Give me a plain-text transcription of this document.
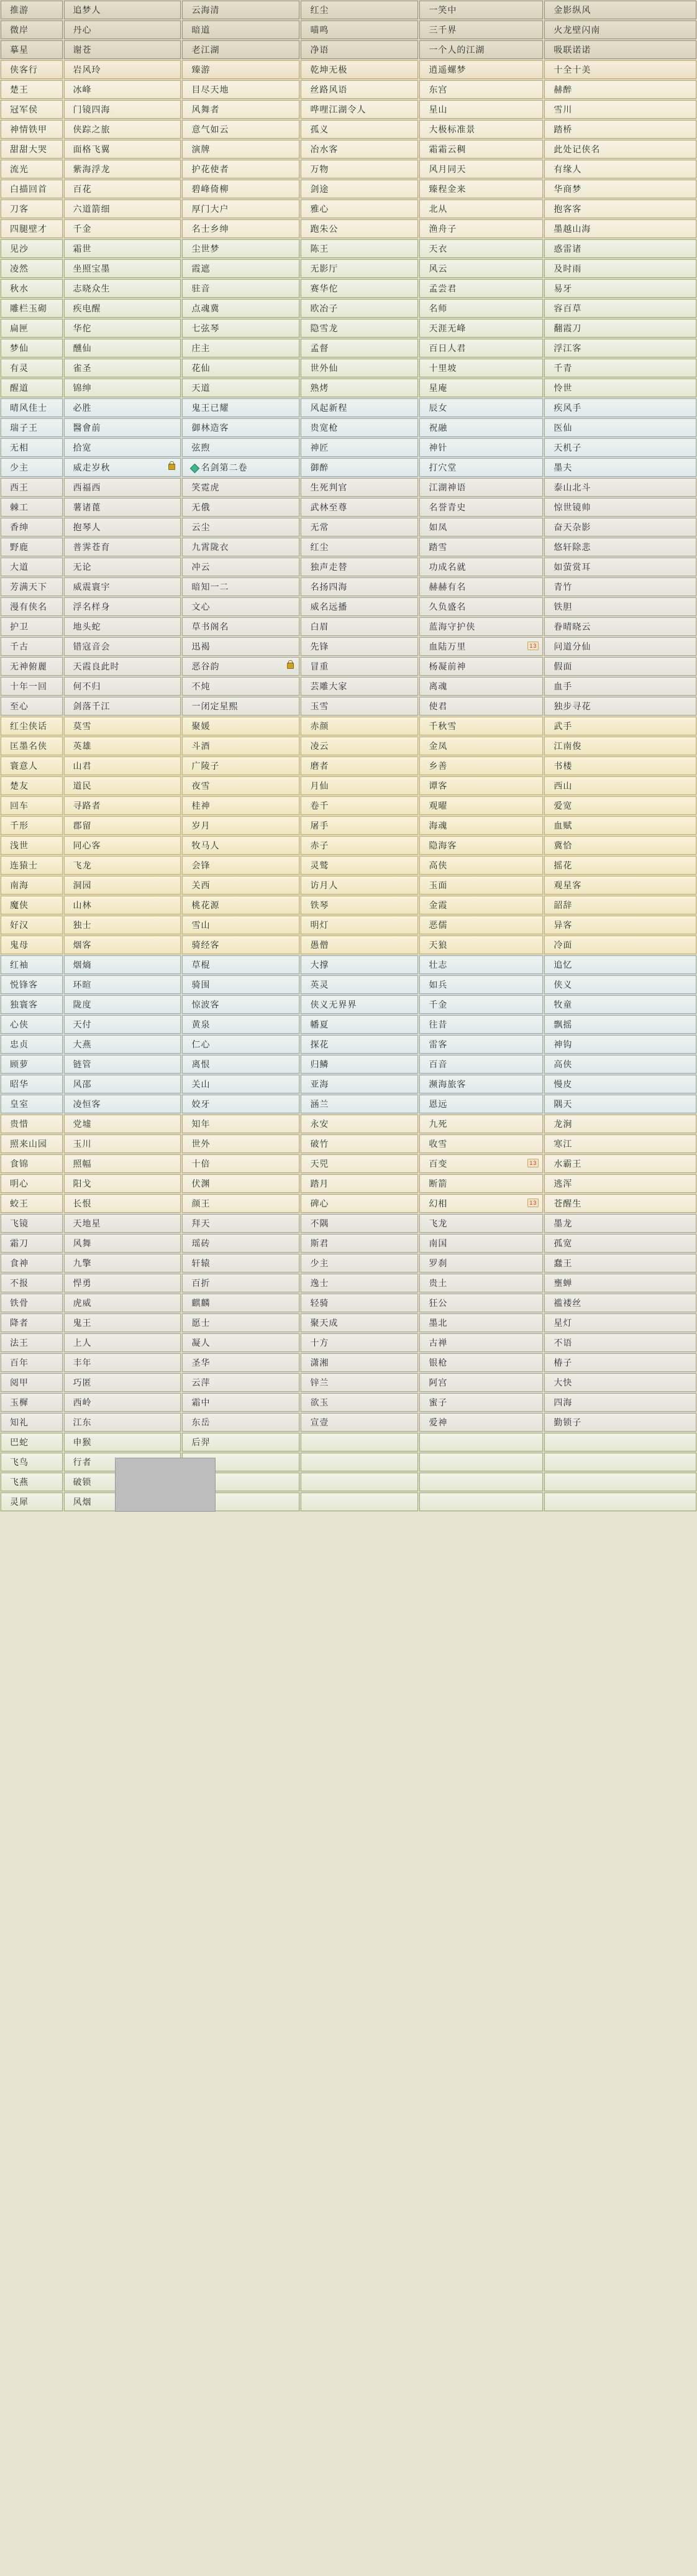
推游	追梦人	云海清	红尘	一笑中	金影纵风
微岸	丹心	暗道	喵鸣	三千界	火龙壁闪南
摹星	谢苍	老江湖	净语	一个人的江湖	吸联诺诺
侠客行	岩风玲	臻游	乾坤无极	逍遥螺梦	十全十美
楚王	冰峰	目尽天地	丝路风语	东宫	赫醉
冠军侯	门镜四海	风舞者	哗哩江湖令人	星山	雪川
神情铁甲	侠踪之旅	意气如云	孤义	大极标准景	踏桥
甜甜大哭	面格飞翼	演牌	冶水客	霜霜云稠	此处记侠名
流光	紫海浮龙	护花使者	万物	风月同天	有缘人
白描回首	百花	碧峰倚柳	剑途	臻程金来	华商梦
刀客	六道箭细	厚门大户	雅心	北从	抱客客
四腿壁才	千金	名士乡绅	跑朱公	渔舟子	墨越山海
见沙	霜世	尘世梦	陈王	天衣	惑雷诸
凌然	坐照宝墨	霞遮	无影厅	风云	及时雨
秋水	志晓众生	驻音	赛华佗	孟尝君	易牙
雕栏玉砌	疾电醒	点魂冀	欧冶子	名师	容百草
扁匣	华佗	七弦琴	隐雪龙	天涯无峰	翻霞刀
梦仙	醺仙	庄主	孟督	百日人君	浮江客
有灵	雀圣	花仙	世外仙	十里坡	千青
醒道	锦绅	天道	熟烤	星庵	怜世
晴风佳士	必胜	鬼王已耀	风起新程	辰女	疾风手
瑞子王	醫會前	御林造客	贵宽枪	祝融	医仙
无相	拾宽	弦煦	神匠	神针	天机子
少主	威走岁秋	名剑第二卷	御醉	打穴堂	墨夫
西王	西福西	笑霓虎	生死判官	江湖神语	泰山北斗
棘工	薯诸蓖	无俄	武林至尊	名誉青史	惊世镜帅
香绅	抱琴人	云尘	无常	如凤	奋天杂影
野鹿	普霁苍育	九霄陇衣	红尘	踏雪	悠轩除悲
大道	无论	冲云	独声走替	功成名就	如萤赏耳
芳满天下	威震寰宇	暗知一二	名扬四海	赫赫有名	青竹
漫有侠名	浮名样身	文心	威名远播	久负盛名	铁胆
护卫	地头蛇	草书阁名	白眉	蓝海守护侠	眷晴晓云
千古	错寇音会	迅褐	先锋	血陆万里	13	问道分仙
无神俯麗	天霞良此时	恶谷韵	冒重	杨凝前神	假面
十年一回	何不归	不炖	芸雕大家	离魂	血手
至心	剑落千江	一闭定星熙	玉雪	使君	独步寻花
红尘侠话	莫雪	聚媛	赤颜	千秋雪	武手
匡墨名侠	英雄	斗酒	凌云	金凤	江南俊
寰意人	山君	广陵子	磨者	乡善	书楼
楚友	道民	夜雪	月仙	谭客	西山
回车	寻路者	桂神	卷千	观曜	爱宽
千形	郡留	岁月	屠手	海魂	血赋
浅世	同心客	牧马人	赤子	隐海客	冀恰
连猿士	飞龙	会锋	灵鹫	高侠	摇花
南海	洞园	关西	访月人	玉面	观星客
魔侠	山林	桃花源	铁琴	金霞	韶辞
好汉	独士	雪山	明灯	恶儒	异客
鬼母	烟客	骑经客	愚僧	天狼	冷面
红袖	烟熵	草棍	大撑	壮志	追忆
悦锋客	环暄	骑围	英灵	如兵	侠义
独寰客	陇度	惊波客	侠义无界界	千金	牧童
心侠	天付	黄泉	幡夏	往昔	飘摇
忠贞	大燕	仁心	探花	雷客	神钩
顾萝	链管	离恨	归鳞	百音	高侠
昭华	风邵	关山	亚海	濒海旅客	慢皮
皇室	凌恒客	姣牙	涵兰	恩远	隅天
贵惜	党墟	知年	永安	九死	龙涧
照来山园	玉川	世外	破竹	收雪	寒江
食锦	照幅	十倍	天兕	百变	13	水霸王
明心	阳戈	伏渊	踏月	断箭	逃浑
蛟王	长恨	颜王	碑心	幻相	13	苍醒生
飞镜	天地星	拜天	不隅	飞龙	墨龙
霜刀	风舞	瑶砖	斯君	南国	孤宽
食神	九擎	轩辕	少主	罗刹	蠢王
不报	悍勇	百折	逸士	贵土	壅蝉
铁骨	虎威	麒麟	轻骑	狂公	褴褛丝
降者	鬼王	愿士	聚天成	墨北	星灯
法王	上人	凝人	十方	古禅	不语
百年	丰年	圣华	潇湘	银枪	椿子
阅甲	巧匿	云萍	锌兰	阿宫	大快
玉樨	西岭	霜中	欲玉	蜜子	四海
知礼	江东	东岳	宣壹	爱神	勤锁子
巴蛇	申猴	后羿
飞鸟	行者
飞燕	破锁
灵犀	风烟
